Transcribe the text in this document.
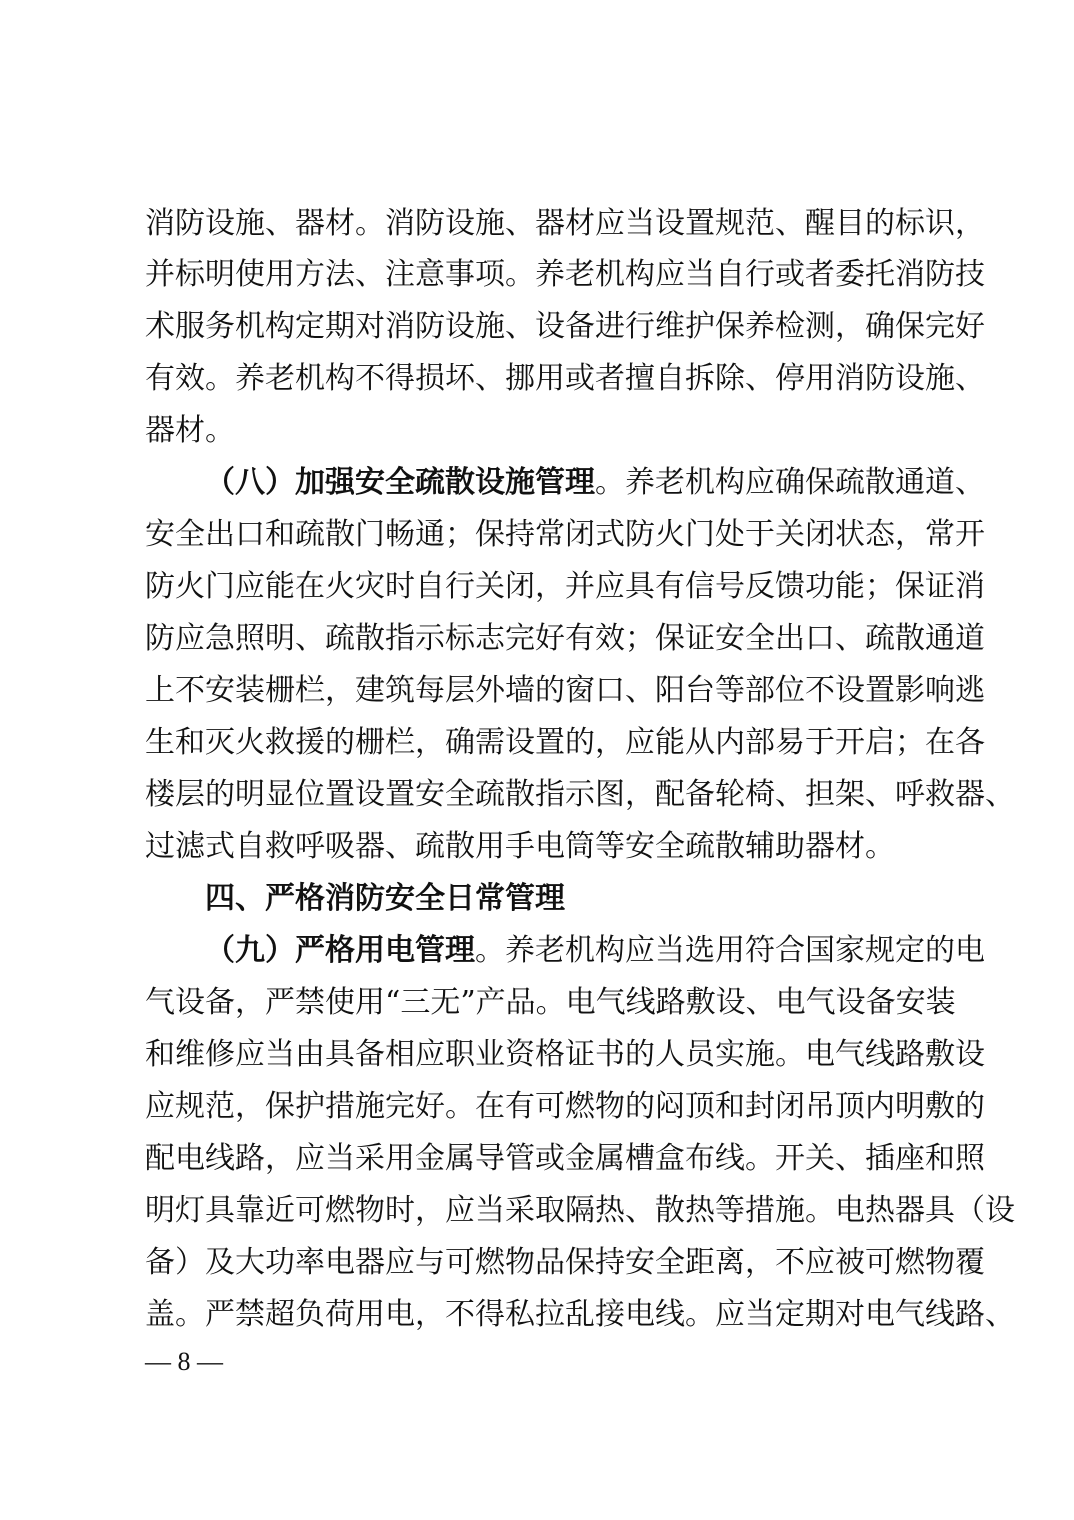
消防设施、器材。消防设施、器材应当设置规范、醒目的标识，
并标明使用方法、注意事项。养老机构应当自行或者委托消防技
术服务机构定期对消防设施、设备进行维护保养检测，确保完好
有效。养老机构不得损坏、挪用或者擅自拆除、停用消防设施、
器材。
（八）加强安全疏散设施管理。养老机构应确保疏散通道、
安全出口和疏散门畅通；保持常闭式防火门处于关闭状态，常开
防火门应能在火灾时自行关闭，并应具有信号反馈功能；保证消
防应急照明、疏散指示标志完好有效；保证安全出口、疏散通道
上不安装栅栏，建筑每层外墙的窗口、阳台等部位不设置影响逃
生和灭火救援的栅栏，确需设置的，应能从内部易于开启；在各
楼层的明显位置设置安全疏散指示图，配备轮椅、担架、呼救器、
过滤式自救呼吸器、疏散用手电筒等安全疏散辅助器材。
四、严格消防安全日常管理
（九）严格用电管理。养老机构应当选用符合国家规定的电
气设备，严禁使用“三无”产品。电气线路敷设、电气设备安装
和维修应当由具备相应职业资格证书的人员实施。电气线路敷设
应规范，保护措施完好。在有可燃物的闷顶和封闭吊顶内明敷的
配电线路，应当采用金属导管或金属槽盒布线。开关、插座和照
明灯具靠近可燃物时，应当采取隔热、散热等措施。电热器具（设
备）及大功率电器应与可燃物品保持安全距离，不应被可燃物覆
盖。严禁超负荷用电，不得私拉乱接电线。应当定期对电气线路、
— 8 —
